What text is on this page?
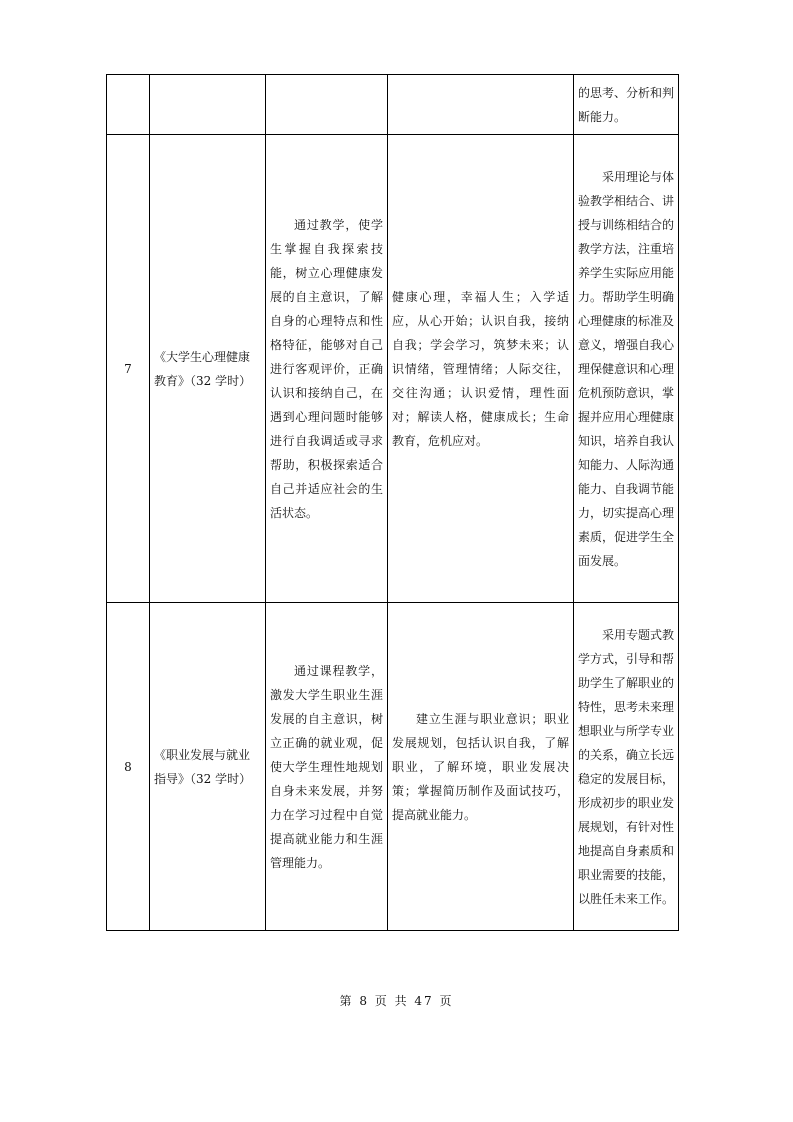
				的思考、分析和判断能力。
7	《大学生心理健康教育》（32 学时）	通过教学，使学生掌握自我探索技能，树立心理健康发展的自主意识，了解自身的心理特点和性格特征，能够对自己进行客观评价，正确认识和接纳自己，在遇到心理问题时能够进行自我调适或寻求帮助，积极探索适合自己并适应社会的生活状态。	健康心理，幸福人生；入学适应，从心开始；认识自我，接纳自我；学会学习，筑梦未来；认识情绪，管理情绪；人际交往，交往沟通；认识爱情，理性面对；解读人格，健康成长；生命教育，危机应对。	采用理论与体验教学相结合、讲授与训练相结合的教学方法，注重培养学生实际应用能力。帮助学生明确心理健康的标准及意义，增强自我心理保健意识和心理危机预防意识，掌握并应用心理健康知识，培养自我认知能力、人际沟通能力、自我调节能力，切实提高心理素质，促进学生全面发展。

8	《职业发展与就业指导》（32 学时）	通过课程教学，激发大学生职业生涯发展的自主意识，树立正确的就业观，促使大学生理性地规划自身未来发展，并努力在学习过程中自觉提高就业能力和生涯管理能力。	建立生涯与职业意识；职业发展规划，包括认识自我，了解职业，了解环境，职业发展决策；掌握简历制作及面试技巧，提高就业能力。	采用专题式教学方式，引导和帮助学生了解职业的特性，思考未来理想职业与所学专业的关系，确立长远稳定的发展目标，形成初步的职业发展规划，有针对性地提高自身素质和职业需要的技能，以胜任未来工作。
第 8 页 共 47 页
